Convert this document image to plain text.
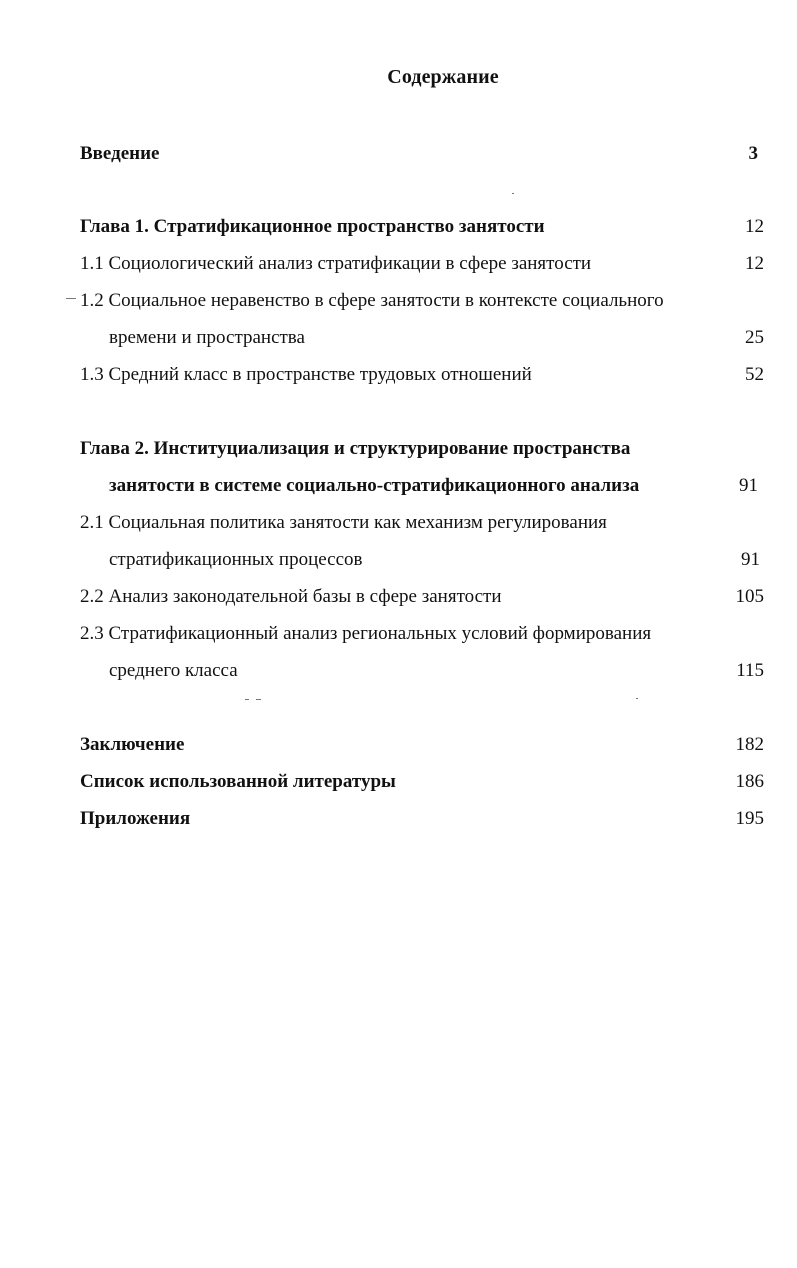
Содержание
Введение	3
Глава 1. Стратификационное пространство занятости	12
1.1 Социологический анализ стратификации в сфере занятости	12
1.2 Социальное неравенство в сфере занятости в контексте социального
времени и пространства	25
1.3 Средний класс в пространстве трудовых отношений	52
Глава 2. Институциализация и структурирование пространства
занятости в системе социально-стратификационного анализа	91
2.1 Социальная политика занятости как механизм регулирования
стратификационных процессов	91
2.2 Анализ законодательной базы в сфере занятости	105
2.3 Стратификационный анализ региональных условий формирования
среднего класса	115
Заключение	182
Список использованной литературы	186
Приложения	195
